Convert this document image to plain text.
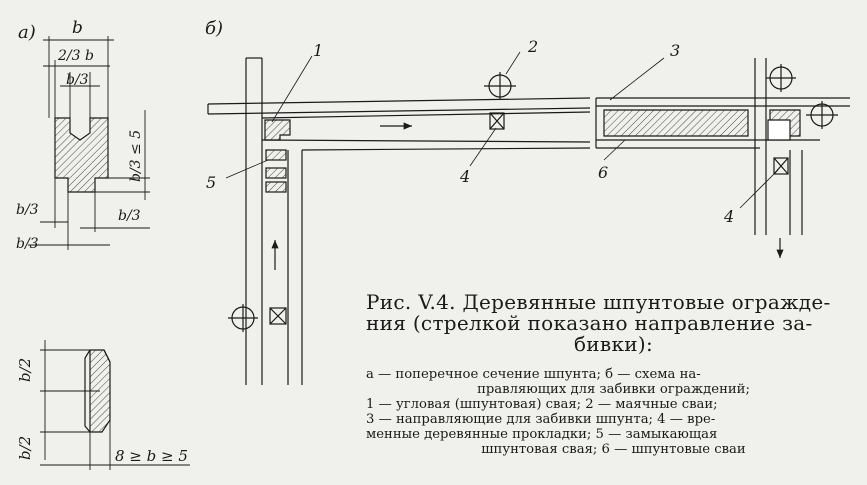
а)	б)
b
2/3 b
b/3
b/3 ≤ 5
b/3	b/3
b/3
b/2
b/2	8 ≥ b ≥ 5
1	2	3
4
4
5
6
Рис. V.4. Деревянные шпунтовые огражде-
ния (стрелкой показано направление за-
бивки):
а — поперечное сечение шпунта; б — схема на-
правляющих для забивки ограждений;
1 — угловая (шпунтовая) свая; 2 — маячные сваи;
3 — направляющие для забивки шпунта; 4 — вре-
менные деревянные прокладки; 5 — замыкающая
шпунтовая свая; 6 — шпунтовые сваи
